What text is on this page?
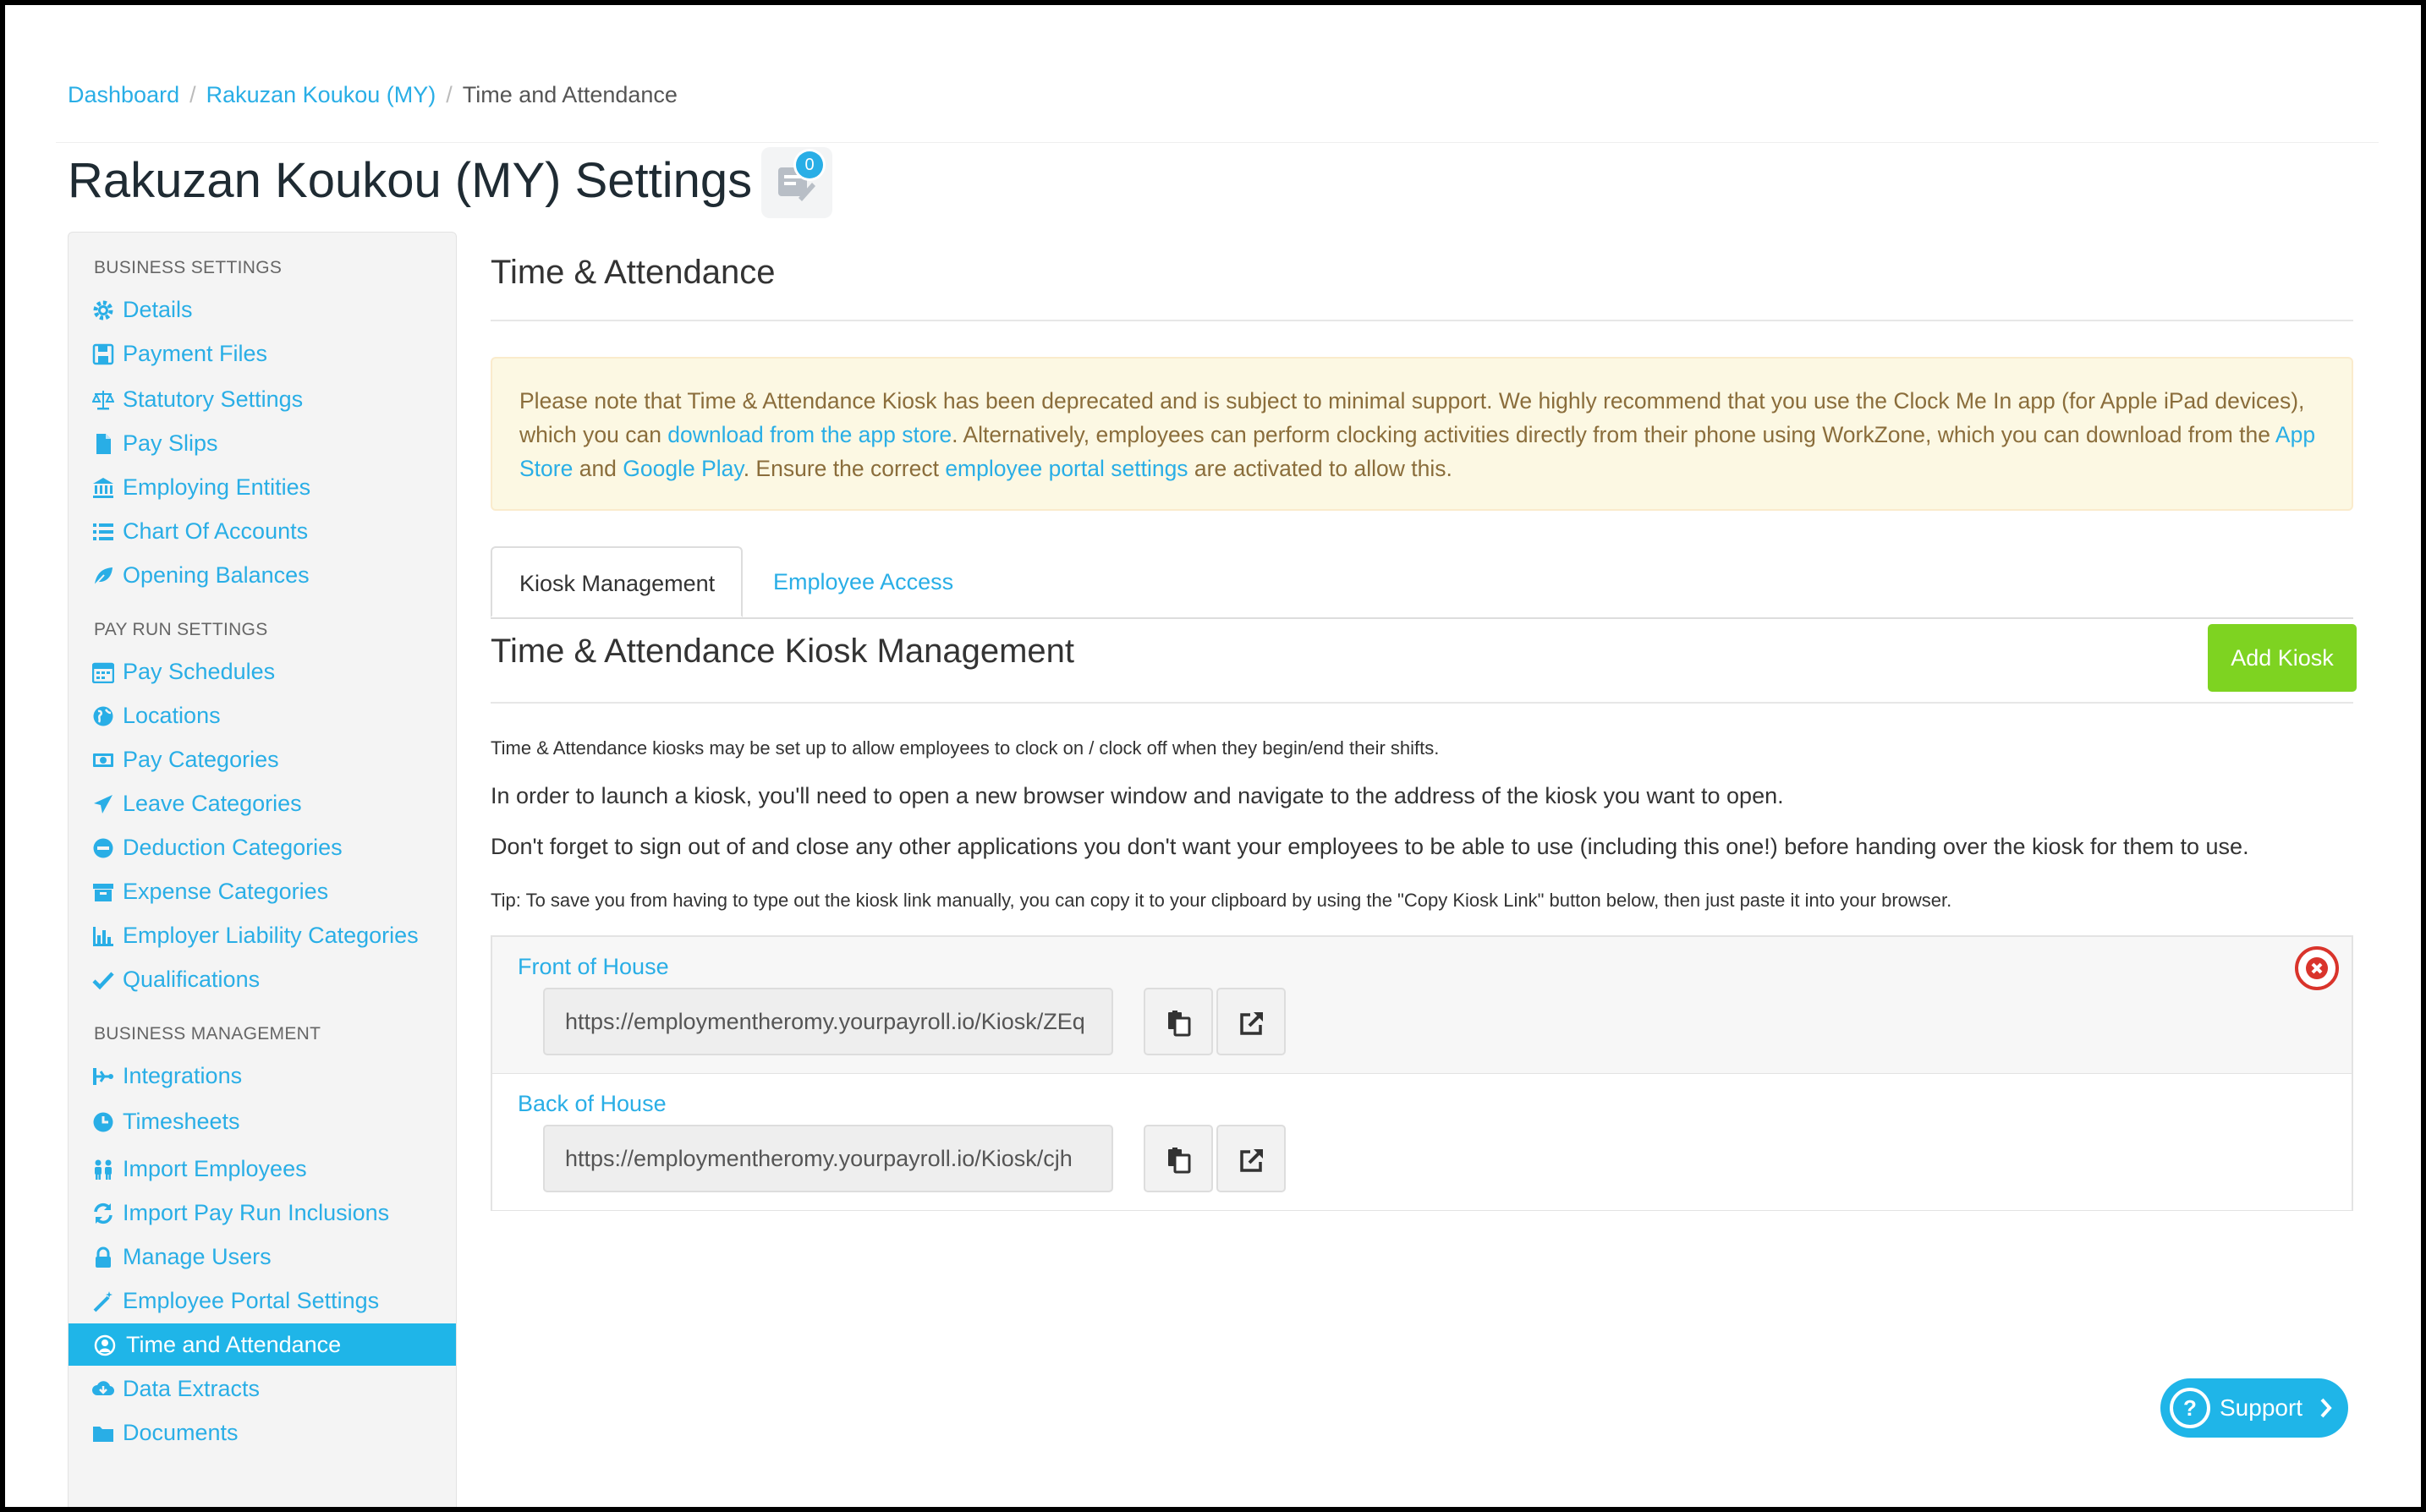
Dashboard / Rakuzan Koukou (MY) / Time and Attendance
Rakuzan Koukou (MY) Settings	0
BUSINESS SETTINGS
Details
Payment Files
Statutory Settings
Pay Slips
Employing Entities
Chart Of Accounts
Opening Balances
PAY RUN SETTINGS
Pay Schedules
Locations
Pay Categories
Leave Categories
Deduction Categories
Expense Categories
Employer Liability Categories
Qualifications
BUSINESS MANAGEMENT
Integrations
Timesheets
Import Employees
Import Pay Run Inclusions
Manage Users
Employee Portal Settings
Time and Attendance
Data Extracts
Documents
Time & Attendance
Please note that Time & Attendance Kiosk has been deprecated and is subject to minimal support. We highly recommend that you use the Clock Me In app (for Apple iPad devices), which you can download from the app store. Alternatively, employees can perform clocking activities directly from their phone using WorkZone, which you can download from the App Store and Google Play. Ensure the correct employee portal settings are activated to allow this.
Kiosk Management	Employee Access
Time & Attendance Kiosk Management	Add Kiosk
Time & Attendance kiosks may be set up to allow employees to clock on / clock off when they begin/end their shifts.
In order to launch a kiosk, you'll need to open a new browser window and navigate to the address of the kiosk you want to open.
Don't forget to sign out of and close any other applications you don't want your employees to be able to use (including this one!) before handing over the kiosk for them to use.
Tip: To save you from having to type out the kiosk link manually, you can copy it to your clipboard by using the "Copy Kiosk Link" button below, then just paste it into your browser.
Front of House
https://employmentheromy.yourpayroll.io/Kiosk/ZEq
Back of House
https://employmentheromy.yourpayroll.io/Kiosk/cjh
? Support
